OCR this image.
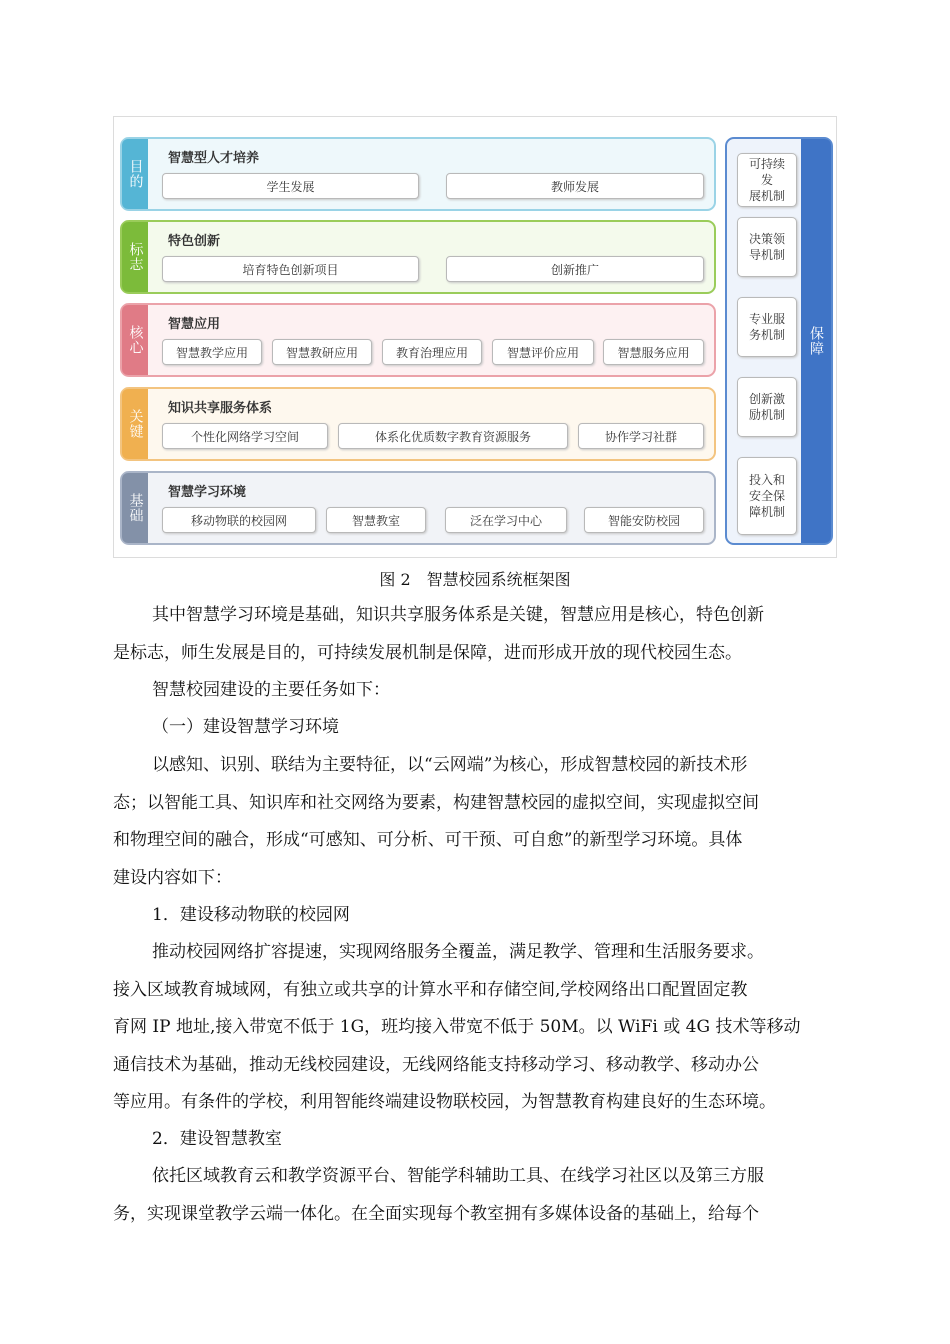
目的
智慧型人才培养
学生发展	教师发展
标志
特色创新
培育特色创新项目	创新推广
核心
智慧应用
智慧教学应用	智慧教研应用	教育治理应用	智慧评价应用	智慧服务应用
关键
知识共享服务体系
个性化网络学习空间	体系化优质数字教育资源服务	协作学习社群
基础
智慧学习环境
移动物联的校园网	智慧教室	泛在学习中心	智能安防校园
保障
可持续发
展机制
决策领
导机制
专业服
务机制
创新激
励机制
投入和
安全保
障机制
图 2　智慧校园系统框架图
其中智慧学习环境是基础，知识共享服务体系是关键，智慧应用是核心，特色创新
是标志，师生发展是目的，可持续发展机制是保障，进而形成开放的现代校园生态。
智慧校园建设的主要任务如下：
（一）建设智慧学习环境
以感知、识别、联结为主要特征，以“云网端”为核心，形成智慧校园的新技术形
态；以智能工具、知识库和社交网络为要素，构建智慧校园的虚拟空间，实现虚拟空间
和物理空间的融合，形成“可感知、可分析、可干预、可自愈”的新型学习环境。具体
建设内容如下：
1．建设移动物联的校园网
推动校园网络扩容提速，实现网络服务全覆盖，满足教学、管理和生活服务要求。
接入区域教育城域网，有独立或共享的计算水平和存储空间,学校网络出口配置固定教
育网 IP 地址,接入带宽不低于 1G，班均接入带宽不低于 50M。以 WiFi 或 4G 技术等移动
通信技术为基础，推动无线校园建设，无线网络能支持移动学习、移动教学、移动办公
等应用。有条件的学校，利用智能终端建设物联校园，为智慧教育构建良好的生态环境。
2．建设智慧教室
依托区域教育云和教学资源平台、智能学科辅助工具、在线学习社区以及第三方服
务，实现课堂教学云端一体化。在全面实现每个教室拥有多媒体设备的基础上，给每个
